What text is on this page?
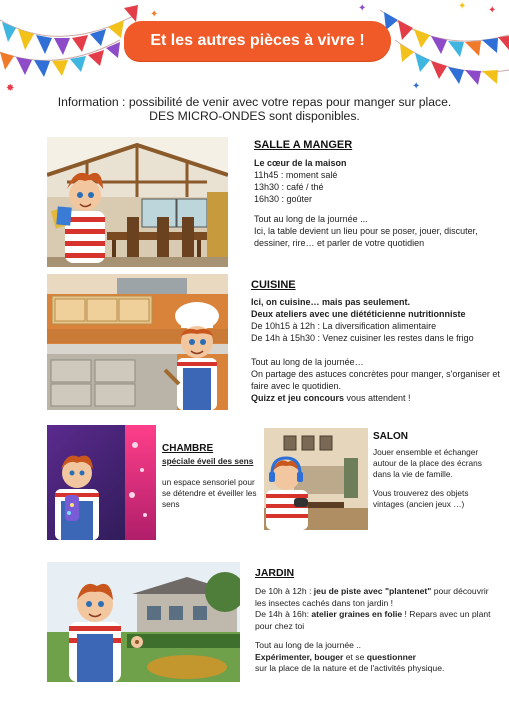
✦
✦
✦
✸	✦
✦
Et les autres pièces à vivre !
Information : possibilité de venir avec votre repas pour manger sur place.
DES MICRO-ONDES sont disponibles.
SALLE A MANGER

Le cœur de la maison

11h45 : moment salé

13h30 : café / thé

16h30 : goûter

Tout au long de la journée ...

Ici, la table devient un lieu pour se poser, jouer, discuter, dessiner, rire… et parler de votre quotidien

CUISINE

Ici, on cuisine… mais pas seulement.

Deux ateliers avec une diététicienne nutritionniste

De 10h15 à 12h : La diversification alimentaire

De 14h à 15h30 : Venez cuisiner les restes dans le frigo

Tout au long de la journée…

On partage des astuces concrètes pour manger, s'organiser et faire avec le quotidien.

Quizz et jeu concours vous attendent !

CHAMBRE

spéciale éveil des sens

un espace sensoriel pour se détendre et éveiller les sens

SALON

Jouer ensemble et échanger autour de la place des écrans dans la vie de famille.

Vous trouverez des objets vintages (ancien jeux …)

JARDIN

De 10h à 12h : jeu de piste avec "plantenet" pour découvrir les insectes cachés dans ton jardin !

De 14h à 16h: atelier graines en folie ! Repars avec un plant pour chez toi

Tout au long de la journée ..

Expérimenter, bouger et se questionner

sur la place de la nature et de l'activités physique.
